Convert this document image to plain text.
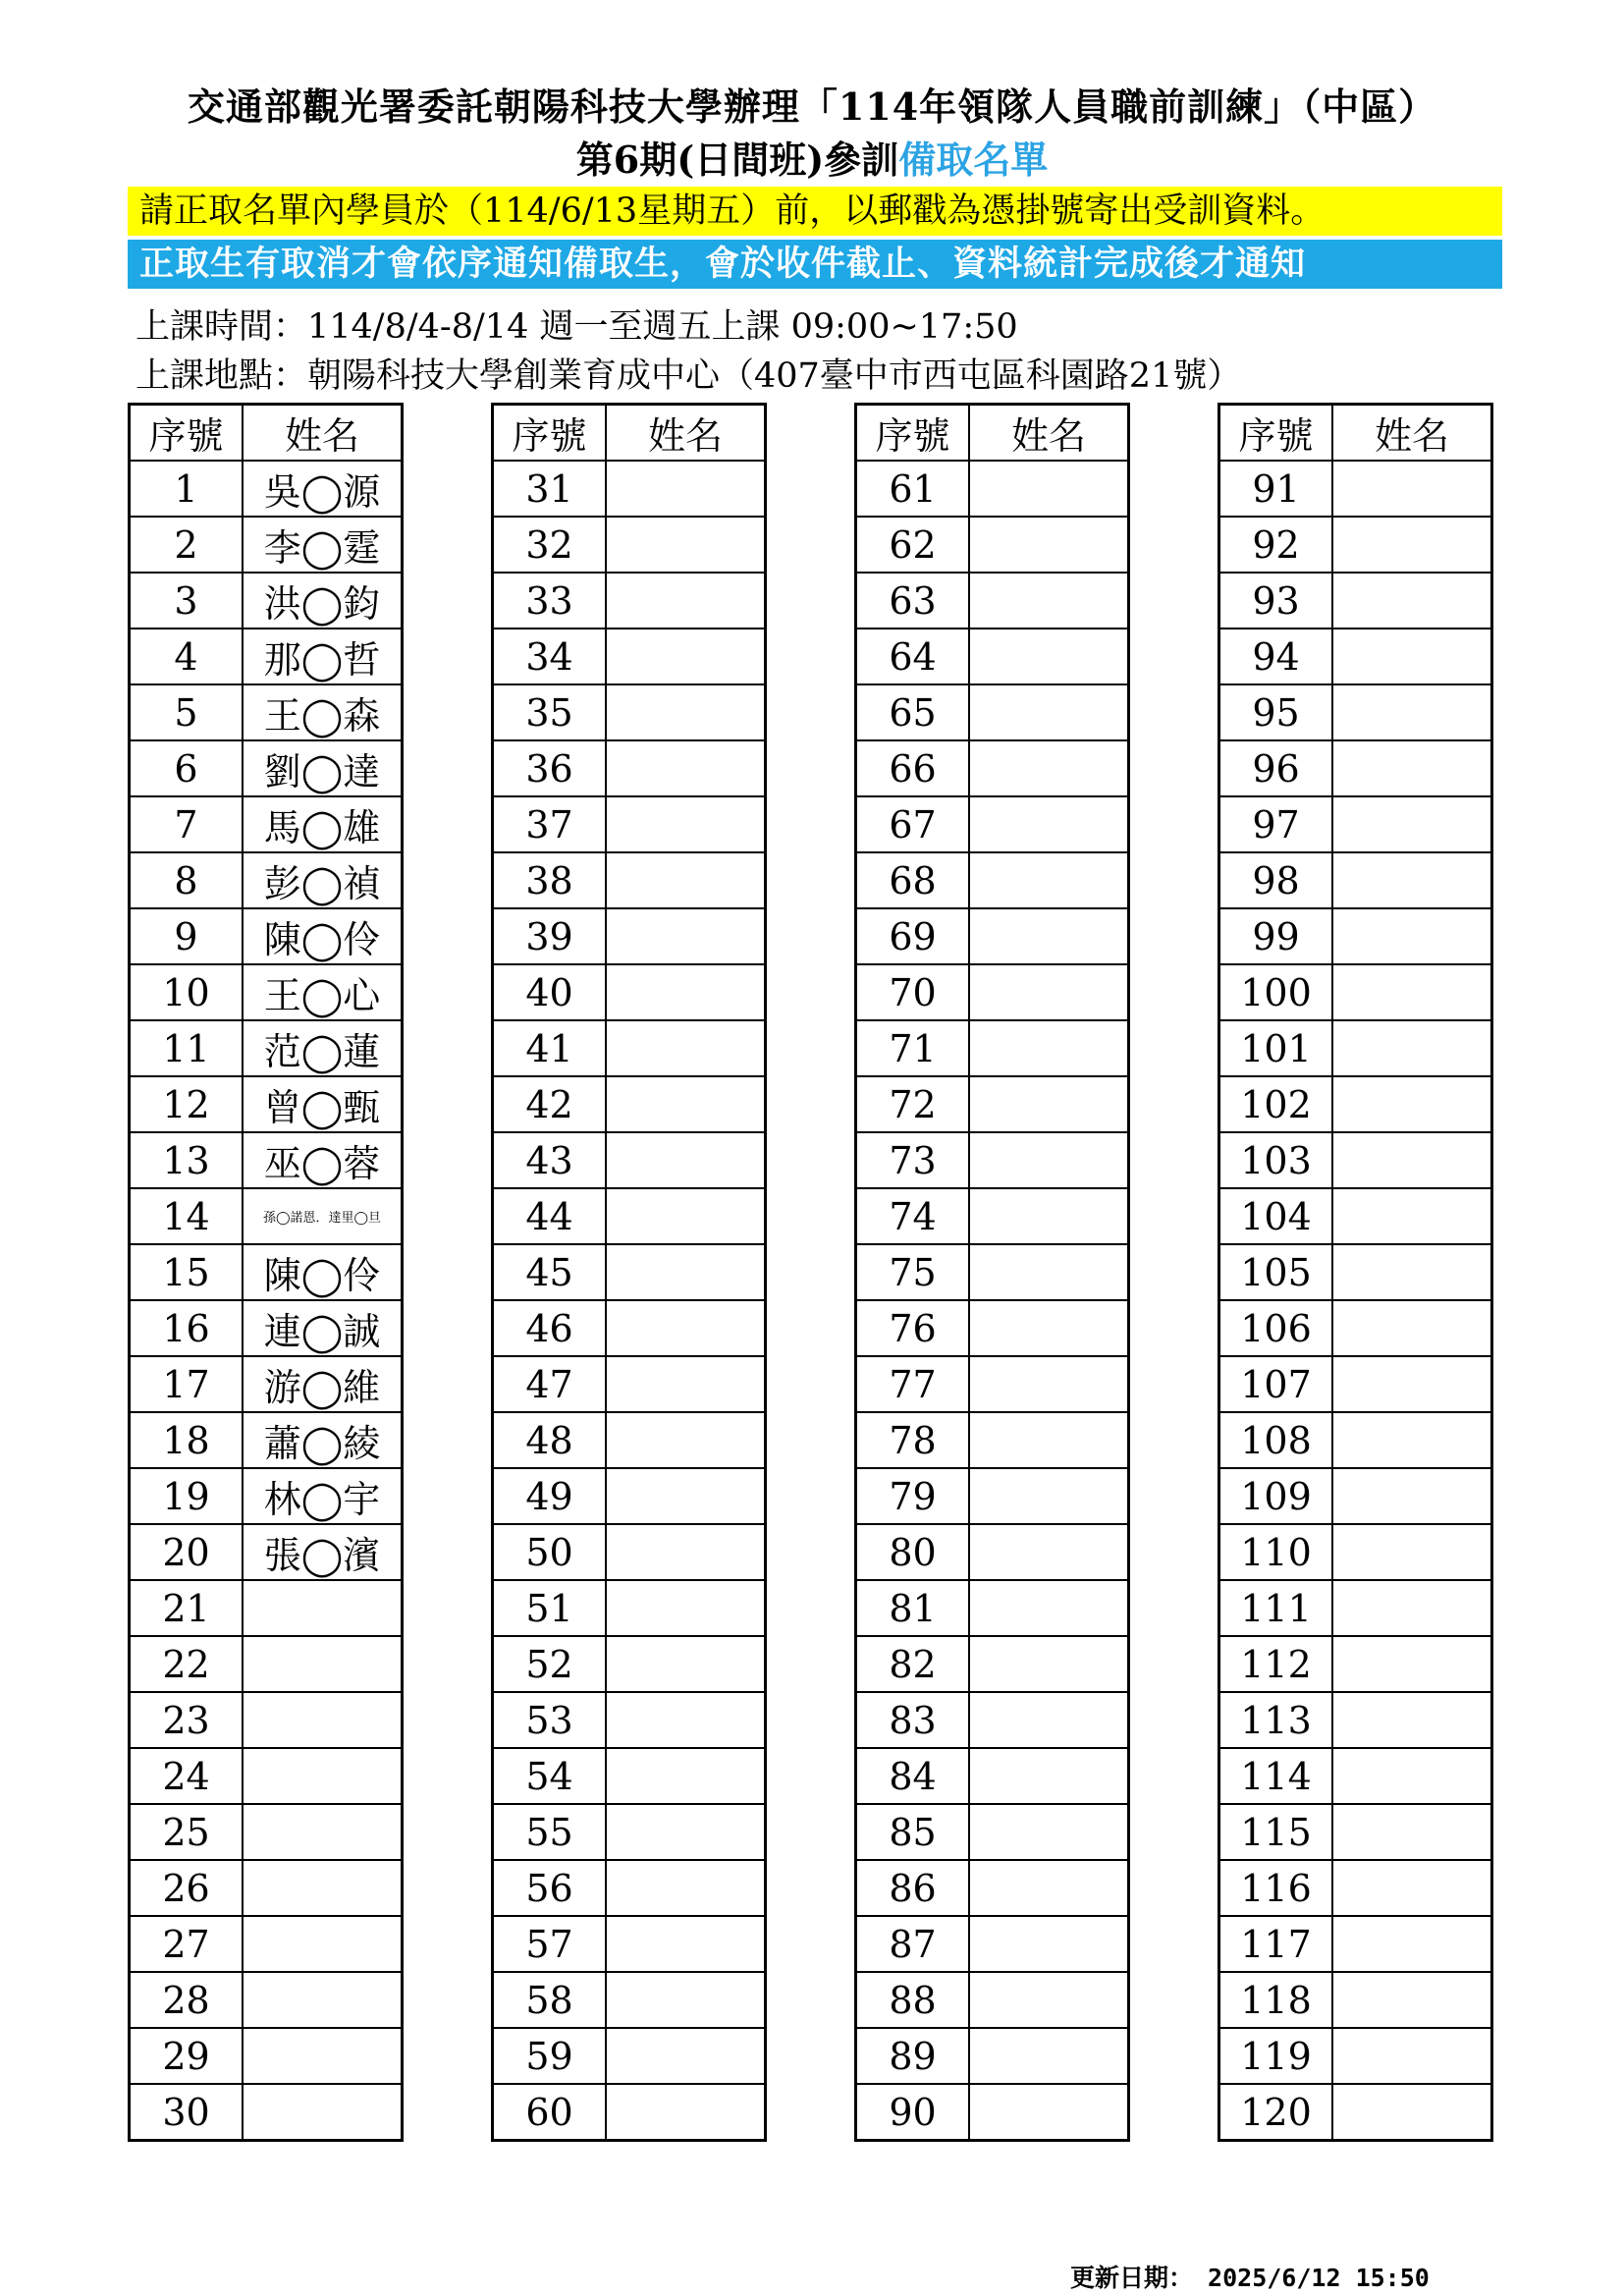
交通部觀光署委託朝陽科技大學辦理「114年領隊人員職前訓練」（中區）
第6期(日間班)參訓備取名單
請正取名單內學員於（114/6/13星期五）前，以郵戳為憑掛號寄出受訓資料。
正取生有取消才會依序通知備取生，會於收件截止、資料統計完成後才通知
上課時間：114/8/4-8/14 週一至週五上課 09:00~17:50
上課地點：朝陽科技大學創業育成中心（407臺中市西屯區科園路21號）
序號	姓名
1	吳◯源
2	李◯霆
3	洪◯鈞
4	那◯哲
5	王◯森
6	劉◯達
7	馬◯雄
8	彭◯禎
9	陳◯伶
10	王◯心
11	范◯蓮
12	曾◯甄
13	巫◯蓉
14	孫◯諾恩．達里◯旦
15	陳◯伶
16	連◯誠
17	游◯維
18	蕭◯綾
19	林◯宇
20	張◯濱
21	
22	
23	
24	
25	
26	
27	
28	
29	
30	
序號	姓名
31	
32	
33	
34	
35	
36	
37	
38	
39	
40	
41	
42	
43	
44	
45	
46	
47	
48	
49	
50	
51	
52	
53	
54	
55	
56	
57	
58	
59	
60	
序號	姓名
61	
62	
63	
64	
65	
66	
67	
68	
69	
70	
71	
72	
73	
74	
75	
76	
77	
78	
79	
80	
81	
82	
83	
84	
85	
86	
87	
88	
89	
90	
序號	姓名
91	
92	
93	
94	
95	
96	
97	
98	
99	
100	
101	
102	
103	
104	
105	
106	
107	
108	
109	
110	
111	
112	
113	
114	
115	
116	
117	
118	
119	
120	
更新日期： 2025/6/12 15:50
